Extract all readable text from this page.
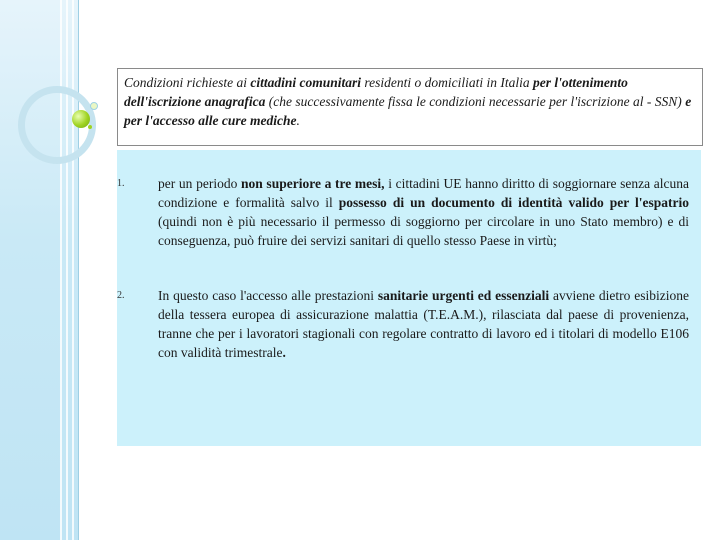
Condizioni richieste ai cittadini comunitari residenti o domiciliati in Italia per l'ottenimento dell'iscrizione anagrafica (che successivamente fissa le condizioni necessarie per l'iscrizione al - SSN) e per l'accesso alle cure mediche.
1. per un periodo non superiore a tre mesi, i cittadini UE hanno diritto di soggiornare senza alcuna condizione e formalità salvo il possesso di un documento di identità valido per l'espatrio (quindi non è più necessario il permesso di soggiorno per circolare in uno Stato membro) e di conseguenza, può fruire dei servizi sanitari di quello stesso Paese in virtù;
2. In questo caso l'accesso alle prestazioni sanitarie urgenti ed essenziali avviene dietro esibizione della tessera europea di assicurazione malattia (T.E.A.M.), rilasciata dal paese di provenienza, tranne che per i lavoratori stagionali con regolare contratto di lavoro ed i titolari di modello E106 con validità trimestrale.
